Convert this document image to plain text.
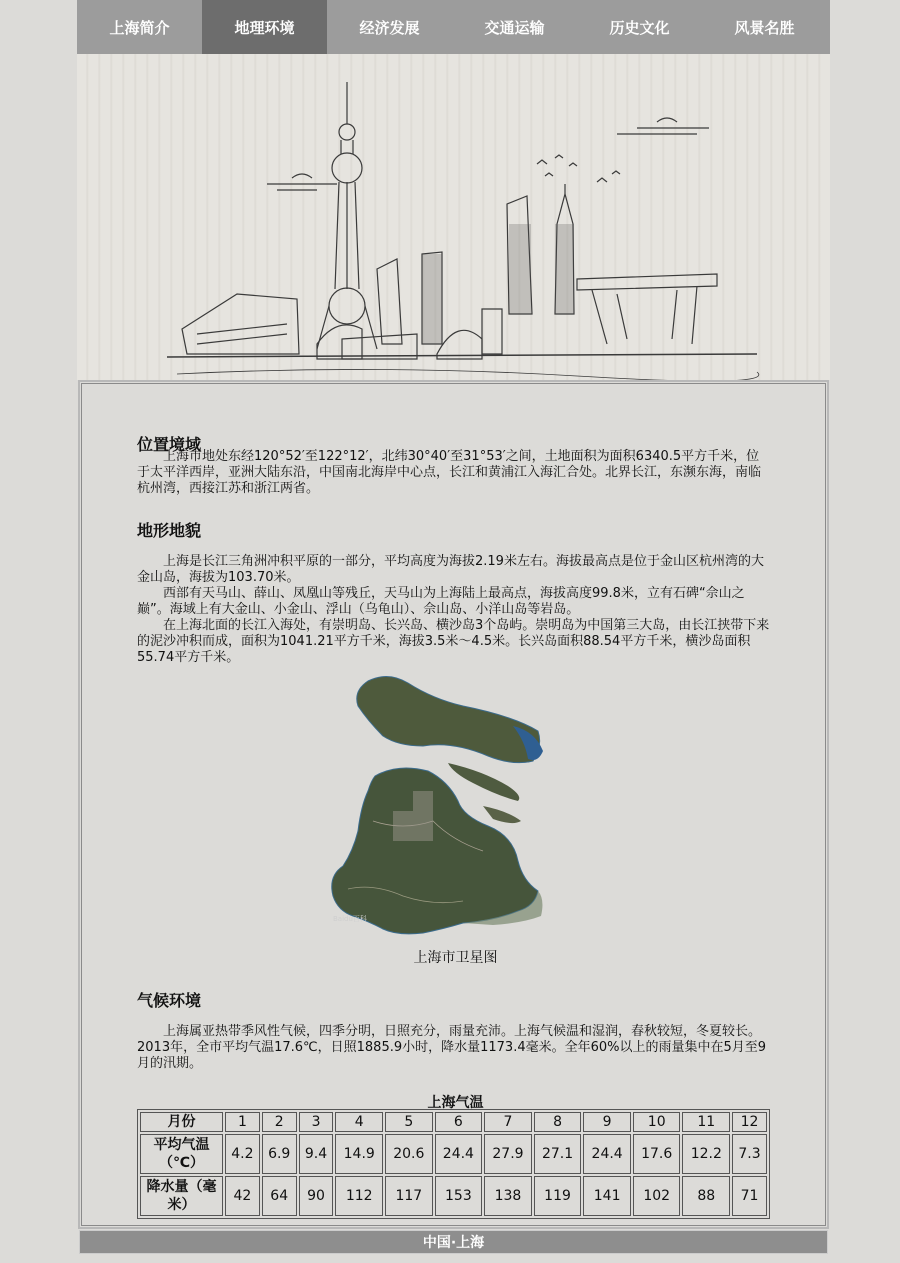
上海简介	地理环境	经济发展	交通运输	历史文化	风景名胜
位置境域
上海市地处东经120°52′至122°12′，北纬30°40′至31°53′之间，土地面积为面积6340.5平方千米，位于太平洋西岸，亚洲大陆东沿，中国南北海岸中心点，长江和黄浦江入海汇合处。北界长江，东濒东海，南临杭州湾，西接江苏和浙江两省。
地形地貌
上海是长江三角洲冲积平原的一部分，平均高度为海拔2.19米左右。海拔最高点是位于金山区杭州湾的大金山岛，海拔为103.70米。
西部有天马山、薛山、凤凰山等残丘，天马山为上海陆上最高点，海拔高度99.8米，立有石碑“佘山之巅”。海域上有大金山、小金山、浮山（乌龟山）、佘山岛、小洋山岛等岩岛。
在上海北面的长江入海处，有崇明岛、长兴岛、横沙岛3个岛屿。崇明岛为中国第三大岛，由长江挟带下来的泥沙冲积而成，面积为1041.21平方千米，海拔3.5米～4.5米。长兴岛面积88.54平方千米，横沙岛面积55.74平方千米。
Baidu百科
上海市卫星图
气候环境
上海属亚热带季风性气候，四季分明，日照充分，雨量充沛。上海气候温和湿润，春秋较短，冬夏较长。2013年，全市平均气温17.6℃，日照1885.9小时，降水量1173.4毫米。全年60%以上的雨量集中在5月至9月的汛期。
上海气温
月份	1	2	3	4	5	6	7	8	9	10	11	12
平均气温（℃）	4.2	6.9	9.4	14.9	20.6	24.4	27.9	27.1	24.4	17.6	12.2	7.3
降水量（毫米）	42	64	90	112	117	153	138	119	141	102	88	71
中国·上海
